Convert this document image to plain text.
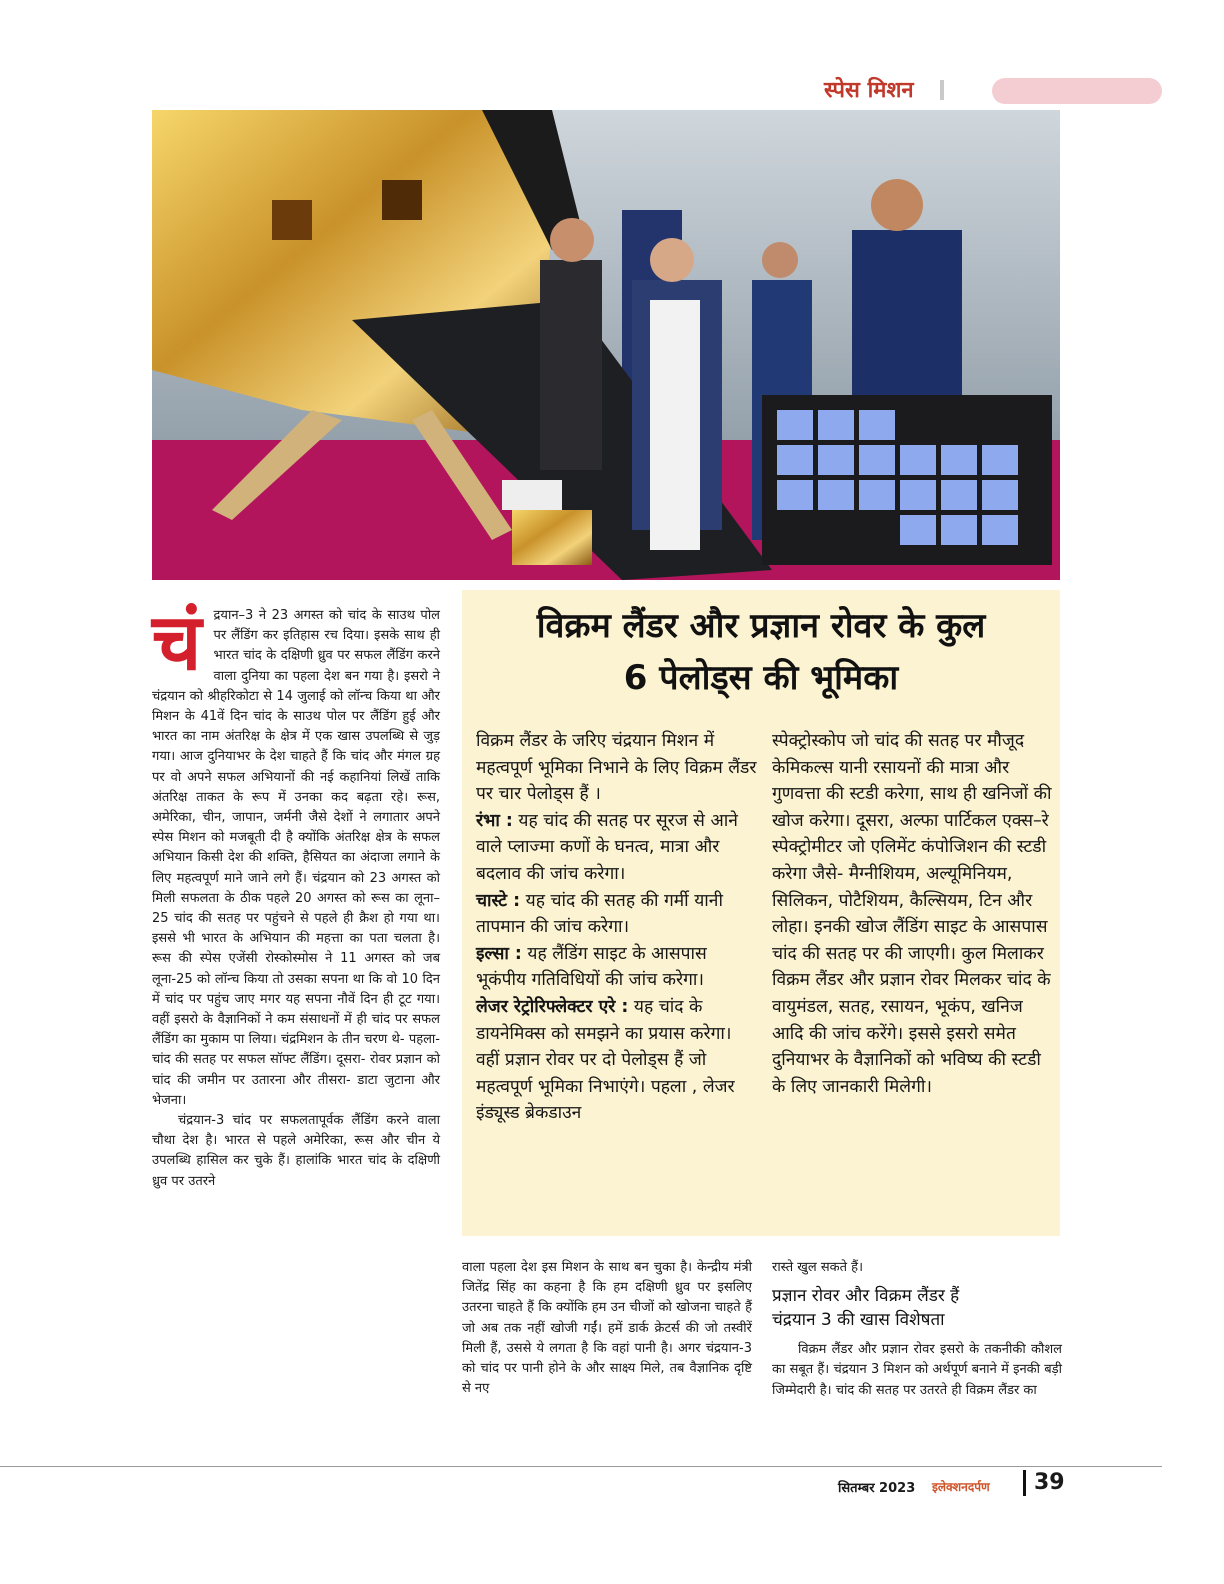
स्पेस मिशन
चं द्रयान–3 ने 23 अगस्त को चांद के साउथ पोल पर लैंडिंग कर इतिहास रच दिया। इसके साथ ही भारत चांद के दक्षिणी ध्रुव पर सफल लैंडिंग करने वाला दुनिया का पहला देश बन गया है। इसरो ने चंद्रयान को श्रीहरिकोटा से 14 जुलाई को लॉन्च किया था और मिशन के 41वें दिन चांद के साउथ पोल पर लैंडिंग हुई और भारत का नाम अंतरिक्ष के क्षेत्र में एक खास उपलब्धि से जुड़ गया। आज दुनियाभर के देश चाहते हैं कि चांद और मंगल ग्रह पर वो अपने सफल अभियानों की नई कहानियां लिखें ताकि अंतरिक्ष ताकत के रूप में उनका कद बढ़ता रहे। रूस, अमेरिका, चीन, जापान, जर्मनी जैसे देशों ने लगातार अपने स्पेस मिशन को मजबूती दी है क्योंकि अंतरिक्ष क्षेत्र के सफल अभियान किसी देश की शक्ति, हैसियत का अंदाजा लगाने के लिए महत्वपूर्ण माने जाने लगे हैं। चंद्रयान को 23 अगस्त को मिली सफलता के ठीक पहले 20 अगस्त को रूस का लूना–25 चांद की सतह पर पहुंचने से पहले ही क्रैश हो गया था। इससे भी भारत के अभियान की महत्ता का पता चलता है। रूस की स्पेस एजेंसी रोस्कोस्मोस ने 11 अगस्त को जब लूना-25 को लॉन्च किया तो उसका सपना था कि वो 10 दिन में चांद पर पहुंच जाए मगर यह सपना नौवें दिन ही टूट गया। वहीं इसरो के वैज्ञानिकों ने कम संसाधनों में ही चांद पर सफल लैंडिंग का मुकाम पा लिया। चंद्रमिशन के तीन चरण थे- पहला- चांद की सतह पर सफल सॉफ्ट लैंडिंग। दूसरा- रोवर प्रज्ञान को चांद की जमीन पर उतारना और तीसरा- डाटा जुटाना और भेजना।

चंद्रयान-3 चांद पर सफलतापूर्वक लैंडिंग करने वाला चौथा देश है। भारत से पहले अमेरिका, रूस और चीन ये उपलब्धि हासिल कर चुके हैं। हालांकि भारत चांद के दक्षिणी ध्रुव पर उतरने

विक्रम लैंडर और प्रज्ञान रोवर के कुल
6 पेलोड्स की भूमिका

विक्रम लैंडर के जरिए चंद्रयान मिशन में महत्वपूर्ण भूमिका निभाने के लिए विक्रम लैंडर पर चार पेलोड्स हैं ।

रंभा : यह चांद की सतह पर सूरज से आने वाले प्लाज्मा कणों के घनत्व, मात्रा और बदलाव की जांच करेगा।

चास्टे : यह चांद की सतह की गर्मी यानी तापमान की जांच करेगा।

इल्सा : यह लैंडिंग साइट के आसपास भूकंपीय गतिविधियों की जांच करेगा।

लेजर रेट्रोरिफ्लेक्टर एरे : यह चांद के डायनेमिक्स को समझने का प्रयास करेगा।

वहीं प्रज्ञान रोवर पर दो पेलोड्स हैं जो महत्वपूर्ण भूमिका निभाएंगे। पहला , लेजर इंड्यूस्ड ब्रेकडाउन

स्पेक्ट्रोस्कोप जो चांद की सतह पर मौजूद केमिकल्स यानी रसायनों की मात्रा और गुणवत्ता की स्टडी करेगा, साथ ही खनिजों की खोज करेगा। दूसरा, अल्फा पार्टिकल एक्स–रे स्पेक्ट्रोमीटर जो एलिमेंट कंपोजिशन की स्टडी करेगा जैसे- मैग्नीशियम, अल्यूमिनियम, सिलिकन, पोटैशियम, कैल्सियम, टिन और लोहा। इनकी खोज लैंडिंग साइट के आसपास चांद की सतह पर की जाएगी। कुल मिलाकर विक्रम लैंडर और प्रज्ञान रोवर मिलकर चांद के वायुमंडल, सतह, रसायन, भूकंप, खनिज आदि की जांच करेंगे। इससे इसरो समेत दुनियाभर के वैज्ञानिकों को भविष्य की स्टडी के लिए जानकारी मिलेगी।

वाला पहला देश इस मिशन के साथ बन चुका है। केन्द्रीय मंत्री जितेंद्र सिंह का कहना है कि हम दक्षिणी ध्रुव पर इसलिए उतरना चाहते हैं कि क्योंकि हम उन चीजों को खोजना चाहते हैं जो अब तक नहीं खोजी गईं। हमें डार्क क्रेटर्स की जो तस्वीरें मिली हैं, उससे ये लगता है कि वहां पानी है। अगर चंद्रयान-3 को चांद पर पानी होने के और साक्ष्य मिले, तब वैज्ञानिक दृष्टि से नए

रास्ते खुल सकते हैं।

प्रज्ञान रोवर और विक्रम लैंडर हैं
चंद्रयान 3 की खास विशेषता

विक्रम लैंडर और प्रज्ञान रोवर इसरो के तकनीकी कौशल का सबूत हैं। चंद्रयान 3 मिशन को अर्थपूर्ण बनाने में इनकी बड़ी जिम्मेदारी है। चांद की सतह पर उतरते ही विक्रम लैंडर का

सितम्बर 2023 इलेक्शनदर्पण 39
